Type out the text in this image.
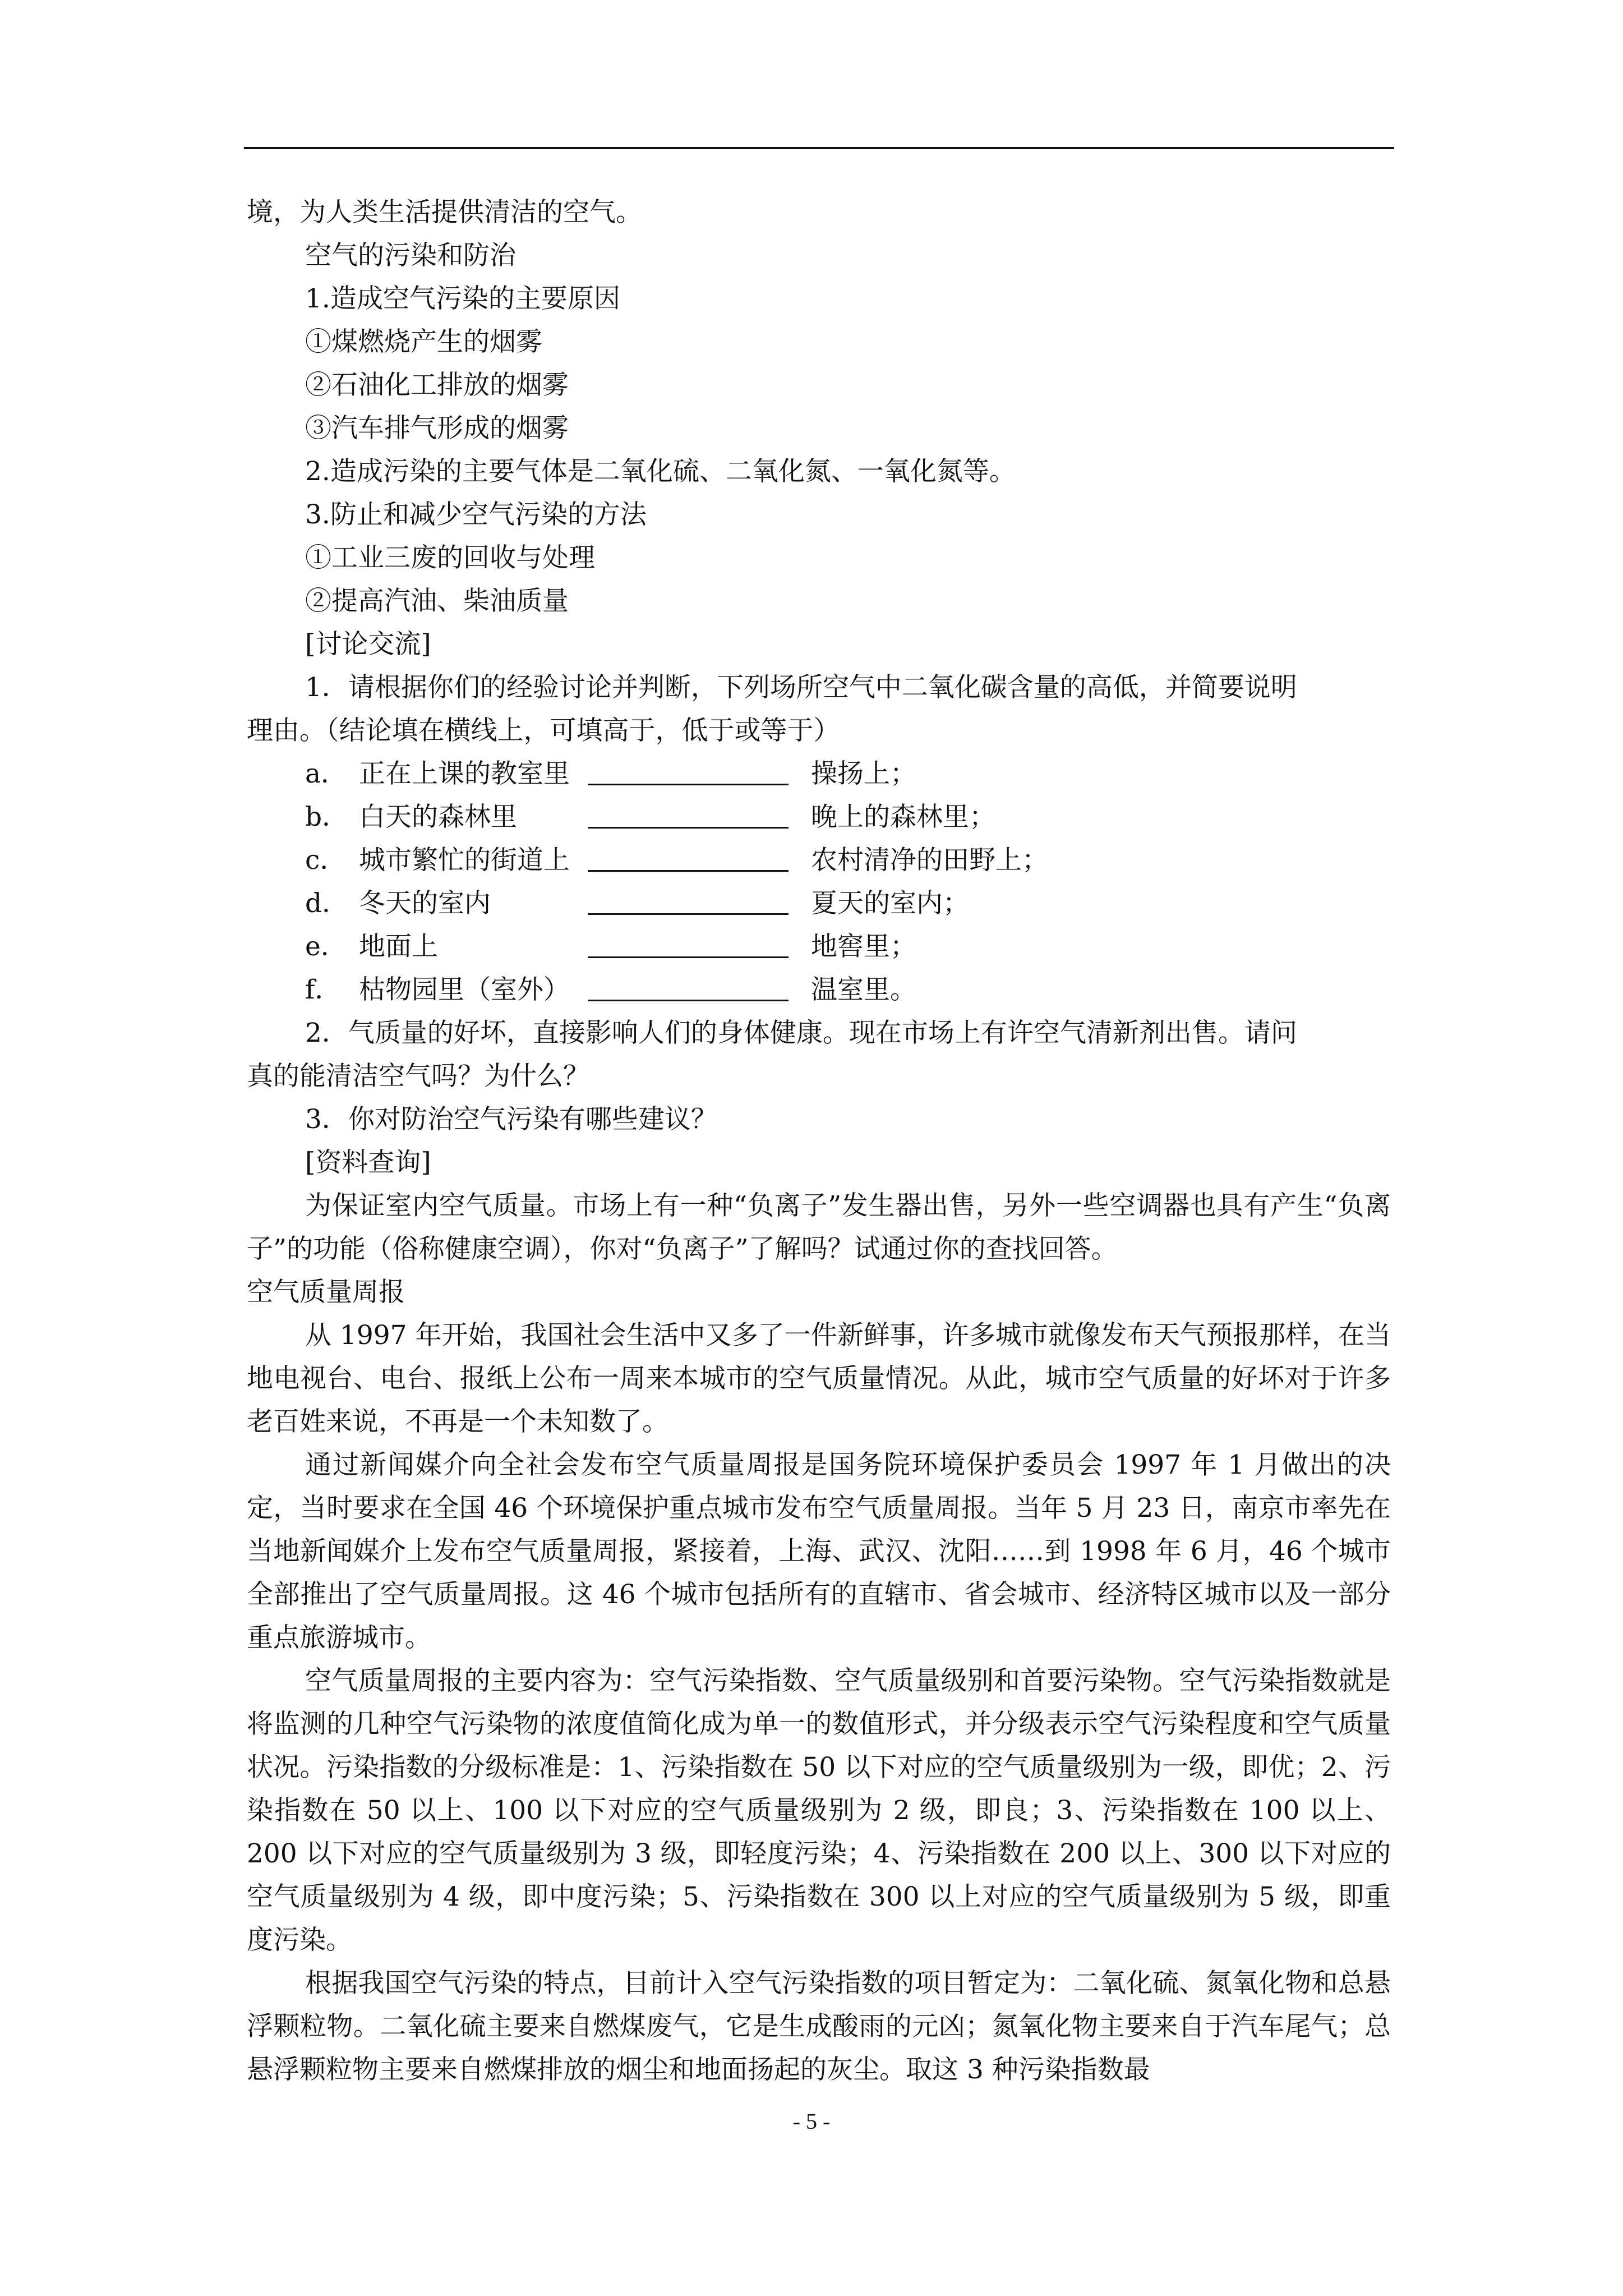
境，为人类生活提供清洁的空气。
空气的污染和防治
1.造成空气污染的主要原因
①煤燃烧产生的烟雾
②石油化工排放的烟雾
③汽车排气形成的烟雾
2.造成污染的主要气体是二氧化硫、二氧化氮、一氧化氮等。
3.防止和减少空气污染的方法
①工业三废的回收与处理
②提高汽油、柴油质量
[讨论交流]
1．请根据你们的经验讨论并判断，下列场所空气中二氧化碳含量的高低，并简要说明
理由。（结论填在横线上，可填高于，低于或等于）
a． 正在上课的教室里	操扬上；
b． 白天的森林里	晚上的森林里；
c． 城市繁忙的街道上	农村清净的田野上；
d． 冬天的室内	夏天的室内；
e． 地面上	地窖里；
f． 枯物园里（室外）	温室里。
2．气质量的好坏，直接影响人们的身体健康。现在市场上有许空气清新剂出售。请问
真的能清洁空气吗？为什么？
3．你对防治空气污染有哪些建议？
[资料查询]
为保证室内空气质量。市场上有一种“负离子”发生器出售，另外一些空调器也具有产生“负离子”的功能（俗称健康空调），你对“负离子”了解吗？试通过你的查找回答。
空气质量周报
从 1997 年开始，我国社会生活中又多了一件新鲜事，许多城市就像发布天气预报那样，在当地电视台、电台、报纸上公布一周来本城市的空气质量情况。从此，城市空气质量的好坏对于许多老百姓来说，不再是一个未知数了。
通过新闻媒介向全社会发布空气质量周报是国务院环境保护委员会 1997 年 1 月做出的决定，当时要求在全国 46 个环境保护重点城市发布空气质量周报。当年 5 月 23 日，南京市率先在当地新闻媒介上发布空气质量周报，紧接着，上海、武汉、沈阳……到 1998 年 6 月，46 个城市全部推出了空气质量周报。这 46 个城市包括所有的直辖市、省会城市、经济特区城市以及一部分重点旅游城市。
空气质量周报的主要内容为：空气污染指数、空气质量级别和首要污染物。空气污染指数就是将监测的几种空气污染物的浓度值简化成为单一的数值形式，并分级表示空气污染程度和空气质量状况。污染指数的分级标准是：1、污染指数在 50 以下对应的空气质量级别为一级，即优；2、污染指数在 50 以上、100 以下对应的空气质量级别为 2 级，即良；3、污染指数在 100 以上、200 以下对应的空气质量级别为 3 级，即轻度污染；4、污染指数在 200 以上、300 以下对应的空气质量级别为 4 级，即中度污染；5、污染指数在 300 以上对应的空气质量级别为 5 级，即重度污染。
根据我国空气污染的特点，目前计入空气污染指数的项目暂定为：二氧化硫、氮氧化物和总悬浮颗粒物。二氧化硫主要来自燃煤废气，它是生成酸雨的元凶；氮氧化物主要来自于汽车尾气；总悬浮颗粒物主要来自燃煤排放的烟尘和地面扬起的灰尘。取这 3 种污染指数最
- 5 -
